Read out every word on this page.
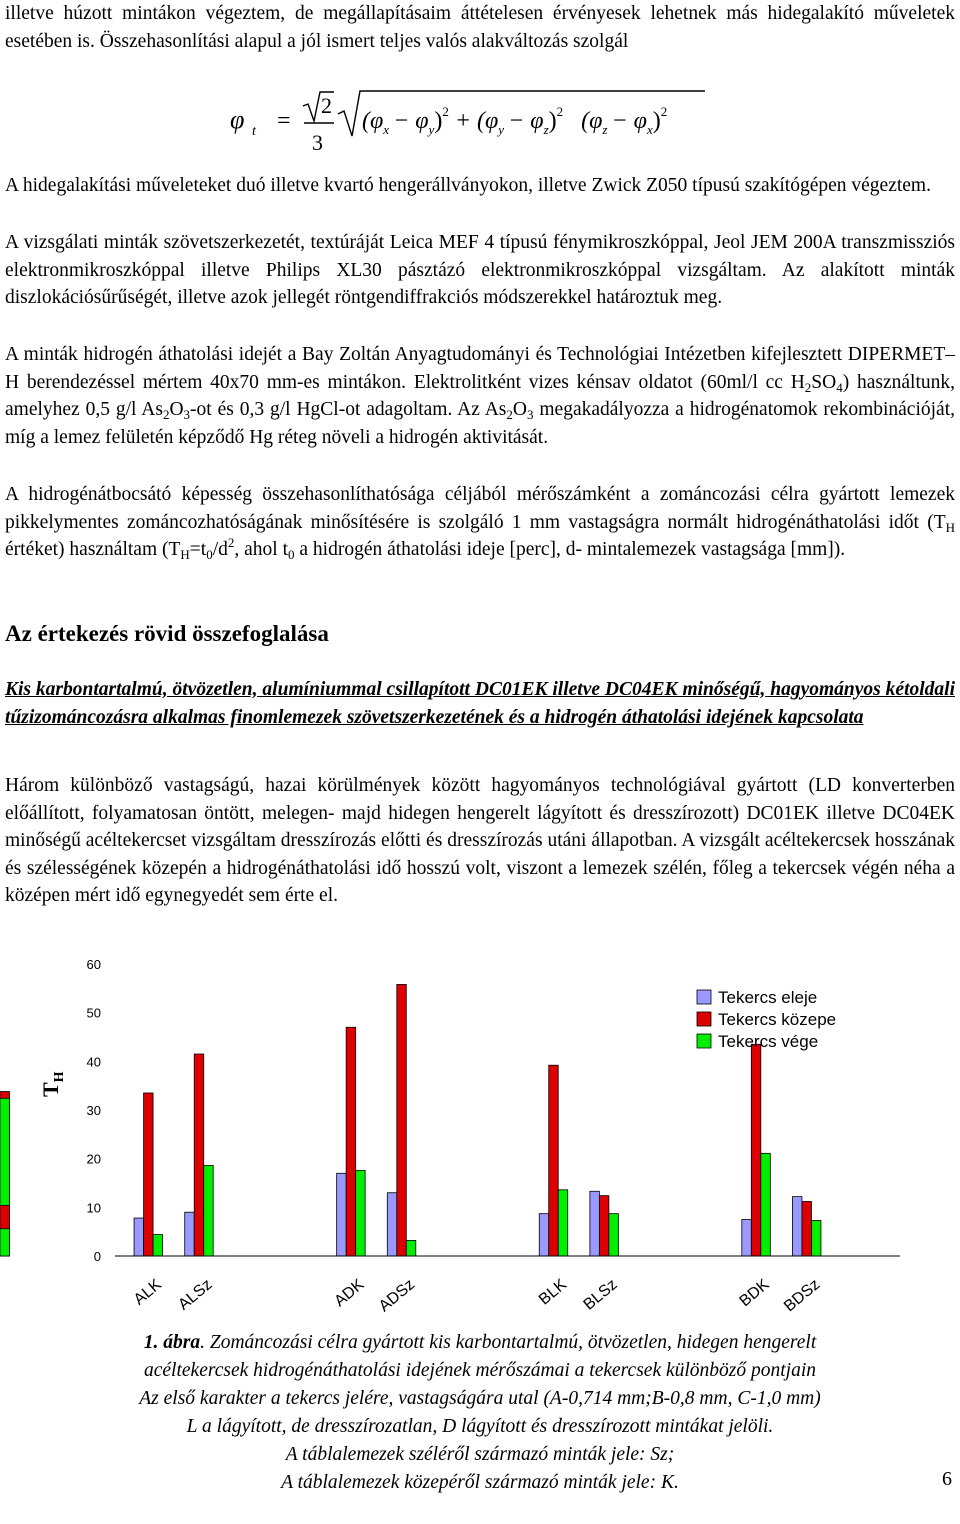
illetve húzott mintákon végeztem, de megállapításaim áttételesen érvényesek lehetnek más hidegalakító műveletek esetében is. Összehasonlítási alapul a jól ismert teljes valós alakváltozás szolgál

φ t =
2
3
$(\varphi_x - \varphi_y)^2 + (\varphi_y - \varphi_z)^2$ $(\varphi_z - \varphi_x)^2$

A hidegalakítási műveleteket duó illetve kvartó hengerállványokon, illetve Zwick Z050 típusú szakítógépen végeztem.

A vizsgálati minták szövetszerkezetét, textúráját Leica MEF 4 típusú fénymikroszkóppal, Jeol JEM 200A transzmissziós elektronmikroszkóppal illetve Philips XL30 pásztázó elektronmikroszkóppal vizsgáltam. Az alakított minták diszlokációsűrűségét, illetve azok jellegét röntgendiffrakciós módszerekkel határoztuk meg.

A minták hidrogén áthatolási idejét a Bay Zoltán Anyagtudományi és Technológiai Intézetben kifejlesztett DIPERMET–H berendezéssel mértem 40x70 mm-es mintákon. Elektrolitként vizes kénsav oldatot (60ml/l cc $H_2SO_4$) használtunk, amelyhez 0,5 g/l $As_2O_3-ot$ és 0,3 g/l HgCl-ot adagoltam. Az $As_2O_3$ megakadályozza a hidrogénatomok rekombinációját, míg a lemez felületén képződő Hg réteg növeli a hidrogén aktivitását.

A hidrogénátbocsátó képesség összehasonlíthatósága céljából mérőszámként a zománcozási célra gyártott lemezek pikkelymentes zománcozhatóságának minősítésére is szolgáló 1 mm vastagságra normált hidrogénáthatolási időt ($T_H$ értéket) használtam ($T_H=t_0/d^2$, ahol $t_0$ a hidrogén áthatolási ideje [perc], d- mintalemezek vastagsága [mm]).

Az értekezés rövid összefoglalása

Kis karbontartalmú, ötvözetlen, alumíniummal csillapított DC01EK illetve DC04EK minőségű, hagyományos kétoldali tűzizománcozásra alkalmas finomlemezek szövetszerkezetének és a hidrogén áthatolási idejének kapcsolata

Három különböző vastagságú, hazai körülmények között hagyományos technológiával gyártott (LD konverterben előállított, folyamatosan öntött, melegen- majd hidegen hengerelt lágyított és dresszírozott) DC01EK illetve DC04EK minőségű acéltekercset vizsgáltam dresszírozás előtti és dresszírozás utáni állapotban. A vizsgált acéltekercsek hosszának és szélességének közepén a hidrogénáthatolási idő hosszú volt, viszont a lemezek szélén, főleg a tekercsek végén néha a középen mért idő egynegyedét sem érte el.

$T_H$
0
10
20
30
40
50
60
ALK ALSz	ADK ADSz	BLK BLSz	BDK BDSz
Tekercs eleje
Tekercs közepe
Tekercs vége
1. ábra. Zománcozási célra gyártott kis karbontartalmú, ötvözetlen, hidegen hengerelt
acéltekercsek hidrogénáthatolási idejének mérőszámai a tekercsek különböző pontjain
Az első karakter a tekercs jelére, vastagságára utal (A-0,714 mm;B-0,8 mm, C-1,0 mm)
L a lágyított, de dresszírozatlan, D lágyított és dresszírozott mintákat jelöli.
A táblalemezek széléről származó minták jele: Sz;
A táblalemezek közepéről származó minták jele: K.	6
